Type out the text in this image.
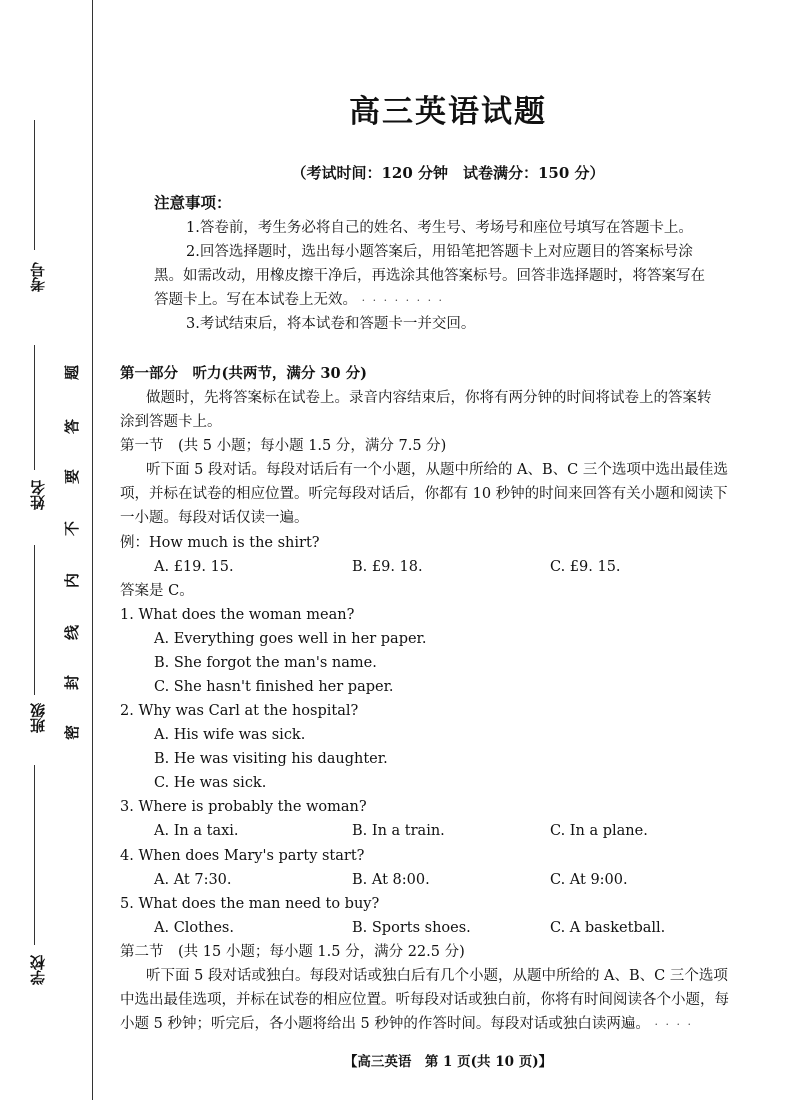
考号
姓名
班级
学校
密
封
线
内
不
要
答
题
高三英语试题
（考试时间：120 分钟　试卷满分：150 分）
注意事项：
1.答卷前，考生务必将自己的姓名、考生号、考场号和座位号填写在答题卡上。
2.回答选择题时，选出每小题答案后，用铅笔把答题卡上对应题目的答案标号涂
黑。如需改动，用橡皮擦干净后，再选涂其他答案标号。回答非选择题时，将答案写在
答题卡上。写在本试卷上无效。 · · · · · · · ·
3.考试结束后，将本试卷和答题卡一并交回。
第一部分　听力(共两节，满分 30 分)
做题时，先将答案标在试卷上。录音内容结束后，你将有两分钟的时间将试卷上的答案转
涂到答题卡上。
第一节　(共 5 小题；每小题 1.5 分，满分 7.5 分)
听下面 5 段对话。每段对话后有一个小题，从题中所给的 A、B、C 三个选项中选出最佳选
项，并标在试卷的相应位置。听完每段对话后，你都有 10 秒钟的时间来回答有关小题和阅读下
一小题。每段对话仅读一遍。
例：How much is the shirt?
A. £19. 15.	B. £9. 18.	C. £9. 15.
答案是 C。
1. What does the woman mean?
A. Everything goes well in her paper.
B. She forgot the man's name.
C. She hasn't finished her paper.
2. Why was Carl at the hospital?
A. His wife was sick.
B. He was visiting his daughter.
C. He was sick.
3. Where is probably the woman?
A. In a taxi.	B. In a train.	C. In a plane.
4. When does Mary's party start?
A. At 7:30.	B. At 8:00.	C. At 9:00.
5. What does the man need to buy?
A. Clothes.	B. Sports shoes.	C. A basketball.
第二节　(共 15 小题；每小题 1.5 分，满分 22.5 分)
听下面 5 段对话或独白。每段对话或独白后有几个小题，从题中所给的 A、B、C 三个选项
中选出最佳选项，并标在试卷的相应位置。听每段对话或独白前，你将有时间阅读各个小题，每
小题 5 秒钟；听完后，各小题将给出 5 秒钟的作答时间。每段对话或独白读两遍。 · · · ·
【高三英语　第 1 页(共 10 页)】
